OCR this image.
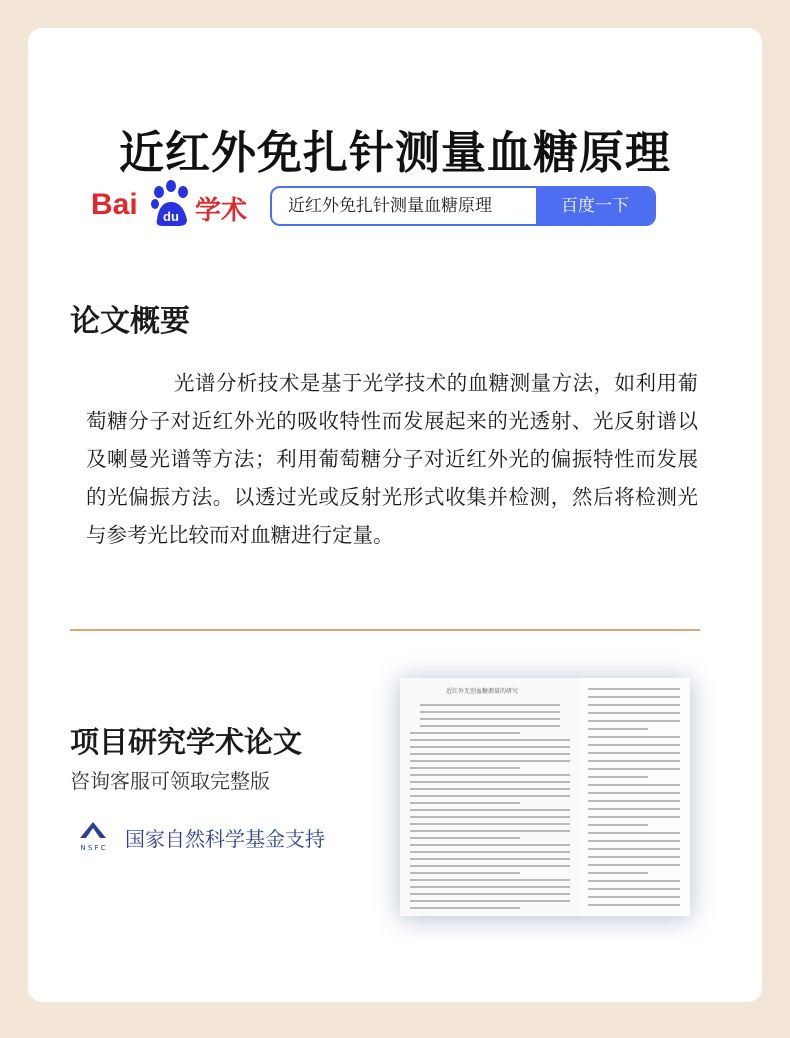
近红外免扎针测量血糖原理
Bai du 学术 近红外免扎针测量血糖原理	百度一下
论文概要
光谱分析技术是基于光学技术的血糖测量方法，如利用葡萄糖分子对近红外光的吸收特性而发展起来的光透射、光反射谱以及喇曼光谱等方法；利用葡萄糖分子对近红外光的偏振特性而发展的光偏振方法。以透过光或反射光形式收集并检测，然后将检测光与参考光比较而对血糖进行定量。
项目研究学术论文
咨询客服可领取完整版
N S F C 国家自然科学基金支持
近红外无创血糖测量的研究
